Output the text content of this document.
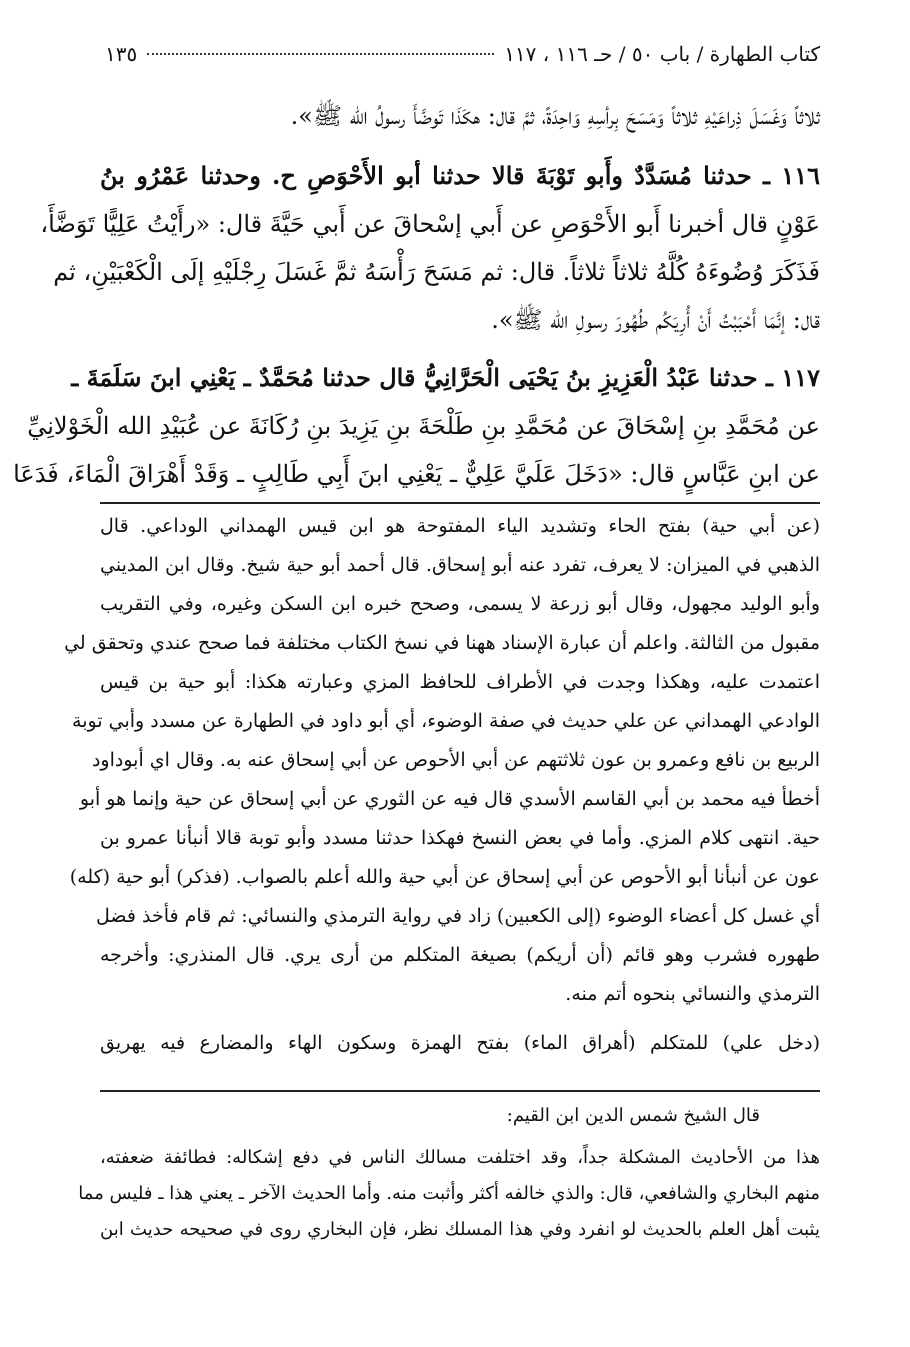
كتاب الطهارة / باب ٥٠ / حـ ١١٦ ، ١١٧
١٣٥
ثلاثاً وَغَسَلَ ذِراعَيْهِ ثلاثاً وَمَسَحَ بِرأسِهِ وَاحِدَةً، ثمَّ قال: هكَذَا تَوضَّأَ رسولُ الله ﷺ».
١١٦ ـ حدثنا مُسَدَّدٌ وأَبو تَوْبَةَ قالا حدثنا أبو الأَحْوَصِ ح. وحدثنا عَمْرُو بنُ
عَوْنٍ قال أخبرنا أَبو الأَحْوَصِ عن أَبي إسْحاقَ عن أَبي حَيَّةَ قال: «رأَيْتُ عَلِيًّا تَوَضَّأَ،
فَذَكَرَ وُضُوءَهُ كُلَّهُ ثلاثاً ثلاثاً. قال: ثم مَسَحَ رَأْسَهُ ثمَّ غَسَلَ رِجْلَيْهِ إلَى الْكَعْبَيْنِ، ثم
قال: إنَّمَا أَحْبَبْتُ أَنْ أُرِيَكُم طُهُورَ رسولِ الله ﷺ».
١١٧ ـ حدثنا عَبْدُ الْعَزِيزِ بنُ يَحْيَى الْحَرَّانِيُّ قال حدثنا مُحَمَّدٌ ـ يَعْنِي ابنَ سَلَمَةَ ـ
عن مُحَمَّدِ بنِ إسْحَاقَ عن مُحَمَّدِ بنِ طَلْحَةَ بنِ يَزِيدَ بنِ رُكَانَةَ عن عُبَيْدِ الله الْخَوْلانِيِّ
عن ابنِ عَبَّاسٍ قال: «دَخَلَ عَلَيَّ عَلِيٌّ ـ يَعْنِي ابنَ أَبِي طَالِبٍ ـ وَقَدْ أَهْرَاقَ الْمَاءَ، فَدَعَا
(عن أبي حية) بفتح الحاء وتشديد الياء المفتوحة هو ابن قيس الهمداني الوداعي. قال
الذهبي في الميزان: لا يعرف، تفرد عنه أبو إسحاق. قال أحمد أبو حية شيخ. وقال ابن المديني
وأبو الوليد مجهول، وقال أبو زرعة لا يسمى، وصحح خبره ابن السكن وغيره، وفي التقريب
مقبول من الثالثة. واعلم أن عبارة الإسناد ههنا في نسخ الكتاب مختلفة فما صحح عندي وتحقق لي
اعتمدت عليه، وهكذا وجدت في الأطراف للحافظ المزي وعبارته هكذا: أبو حية بن قيس
الوادعي الهمداني عن علي حديث في صفة الوضوء، أي أبو داود في الطهارة عن مسدد وأبي توبة
الربيع بن نافع وعمرو بن عون ثلاثتهم عن أبي الأحوص عن أبي إسحاق عنه به. وقال اي أبوداود
أخطأ فيه محمد بن أبي القاسم الأسدي قال فيه عن الثوري عن أبي إسحاق عن حية وإنما هو أبو
حية. انتهى كلام المزي. وأما في بعض النسخ فهكذا حدثنا مسدد وأبو توبة قالا أنبأنا عمرو بن
عون عن أنبأنا أبو الأحوص عن أبي إسحاق عن أبي حية والله أعلم بالصواب. (فذكر) أبو حية (كله)
أي غسل كل أعضاء الوضوء (إلى الكعبين) زاد في رواية الترمذي والنسائي: ثم قام فأخذ فضل
طهوره فشرب وهو قائم (أن أريكم) بصيغة المتكلم من أرى يري. قال المنذري: وأخرجه
الترمذي والنسائي بنحوه أتم منه.
(دخل علي) للمتكلم (أهراق الماء) بفتح الهمزة وسكون الهاء والمضارع فيه يهريق
قال الشيخ شمس الدين ابن القيم:
هذا من الأحاديث المشكلة جداً، وقد اختلفت مسالك الناس في دفع إشكاله: فطائفة ضعفته،
منهم البخاري والشافعي، قال: والذي خالفه أكثر وأثبت منه. وأما الحديث الآخر ـ يعني هذا ـ فليس مما
يثبت أهل العلم بالحديث لو انفرد وفي هذا المسلك نظر، فإن البخاري روى في صحيحه حديث ابن
